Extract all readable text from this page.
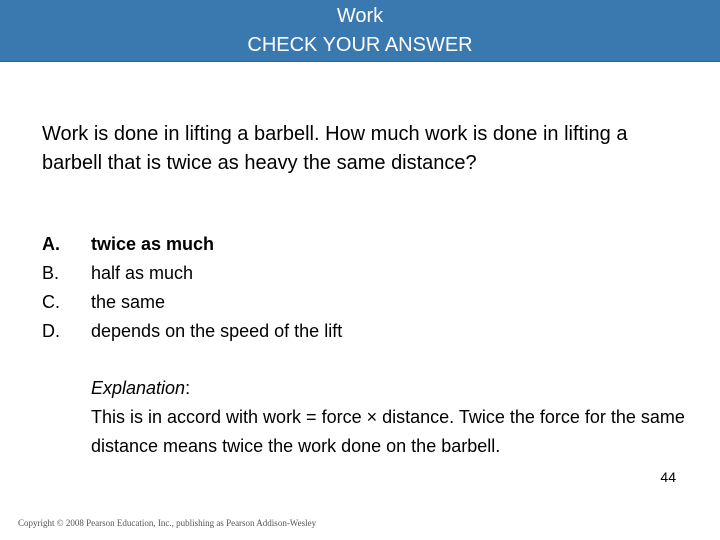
Work
CHECK YOUR ANSWER
Work is done in lifting a barbell. How much work is done in lifting a barbell that is twice as heavy the same distance?
A.	twice as much
B.	half as much
C.	the same
D.	depends on the speed of the lift
Explanation:
This is in accord with work = force × distance. Twice the force for the same distance means twice the work done on the barbell.
44
Copyright © 2008 Pearson Education, Inc., publishing as Pearson Addison-Wesley
